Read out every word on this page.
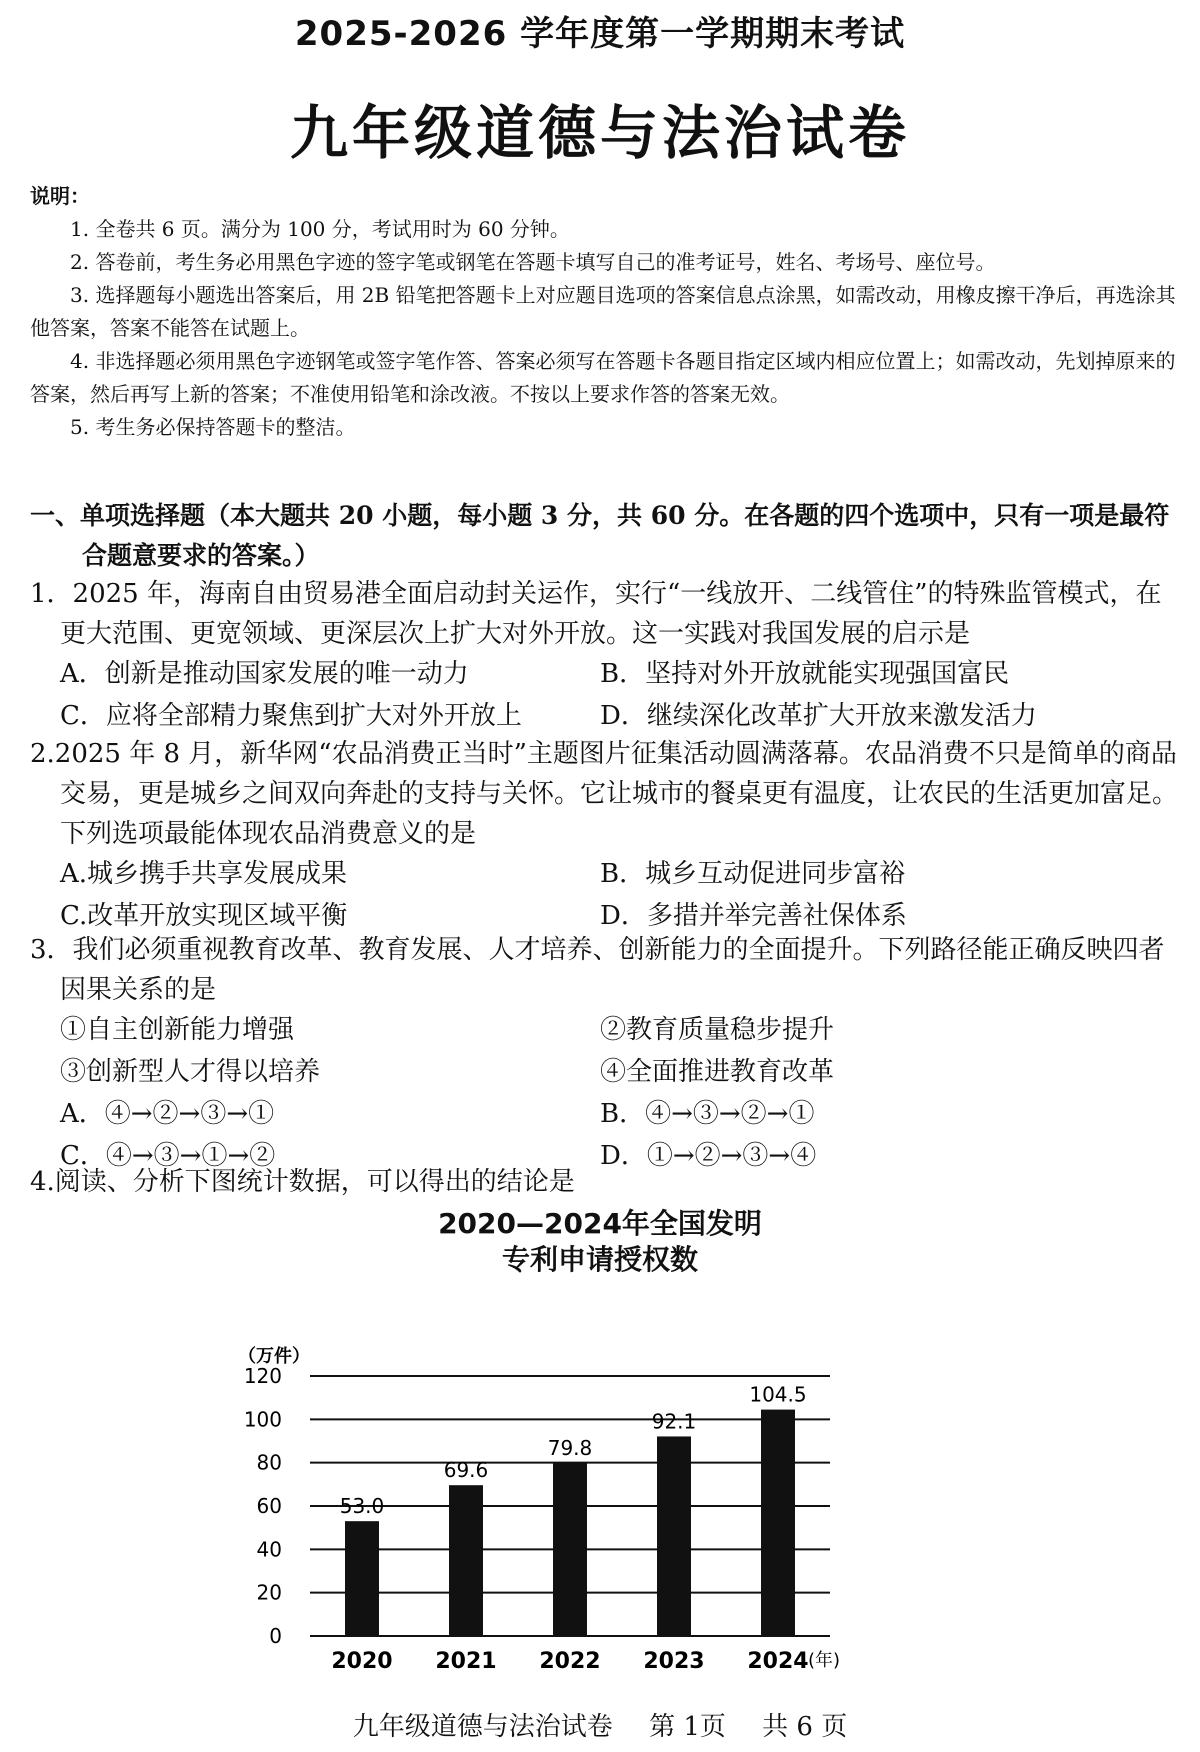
2025-2026 学年度第一学期期末考试
九年级道德与法治试卷
说明：

1. 全卷共 6 页。满分为 100 分，考试用时为 60 分钟。

2. 答卷前，考生务必用黑色字迹的签字笔或钢笔在答题卡填写自己的准考证号，姓名、考场号、座位号。

3. 选择题每小题选出答案后，用 2B 铅笔把答题卡上对应题目选项的答案信息点涂黑，如需改动，用橡皮擦干净后，再选涂其他答案，答案不能答在试题上。

4. 非选择题必须用黑色字迹钢笔或签字笔作答、答案必须写在答题卡各题目指定区域内相应位置上；如需改动，先划掉原来的答案，然后再写上新的答案；不准使用铅笔和涂改液。不按以上要求作答的答案无效。

5. 考生务必保持答题卡的整洁。

一、单项选择题（本大题共 20 小题，每小题 3 分，共 60 分。在各题的四个选项中，只有一项是最符合题意要求的答案。）
1．2025 年，海南自由贸易港全面启动封关运作，实行“一线放开、二线管住”的特殊监管模式，在更大范围、更宽领域、更深层次上扩大对外开放。这一实践对我国发展的启示是
A．创新是推动国家发展的唯一动力	B．坚持对外开放就能实现强国富民
C．应将全部精力聚焦到扩大对外开放上	D．继续深化改革扩大开放来激发活力
2.2025 年 8 月，新华网“农品消费正当时”主题图片征集活动圆满落幕。农品消费不只是简单的商品交易，更是城乡之间双向奔赴的支持与关怀。它让城市的餐桌更有温度，让农民的生活更加富足。下列选项最能体现农品消费意义的是
A.城乡携手共享发展成果	B．城乡互动促进同步富裕
C.改革开放实现区域平衡	D．多措并举完善社保体系
3．我们必须重视教育改革、教育发展、人才培养、创新能力的全面提升。下列路径能正确反映四者因果关系的是
①自主创新能力增强	②教育质量稳步提升
③创新型人才得以培养	④全面推进教育改革
A．④→②→③→①	B．④→③→②→①
C．④→③→①→②	D．①→②→③→④
4.阅读、分析下图统计数据，可以得出的结论是
2020—2024年全国发明
专利申请授权数
（万件）
0
20
40
60
80
100
120
53.0
2020
69.6
2021
79.8
2022
92.1
2023
104.5
2024 (年)
九年级道德与法治试卷 第 1页 共 6 页
